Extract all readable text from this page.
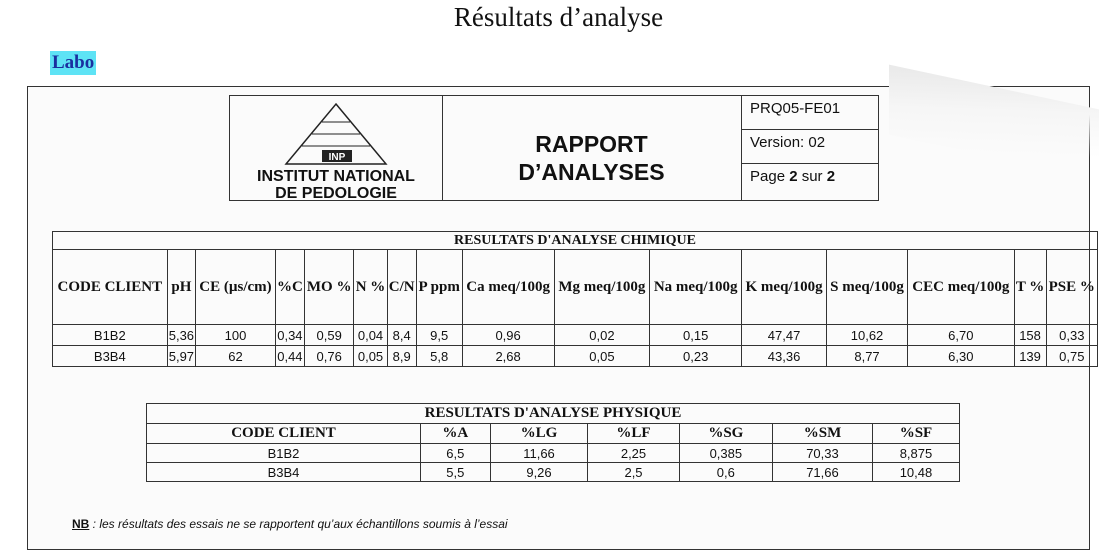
Résultats d’analyse
Labo
INP
INSTITUT NATIONAL
DE PEDOLOGIE
RAPPORT
D’ANALYSES
PRQ05-FE01
Version: 02
Page 2 sur 2
RESULTATS D'ANALYSE CHIMIQUE															
CODE CLIENT	pH	CE (µs/cm)	%C	MO %	N %	C/N	P ppm	Ca meq/100g	Mg meq/100g	Na meq/100g	K meq/100g	S meq/100g	CEC meq/100g	T %	PSE %
B1B2	5,36	100	0,34	0,59	0,04	8,4	9,5	0,96	0,02	0,15	47,47	10,62	6,70	158	0,33
B3B4	5,97	62	0,44	0,76	0,05	8,9	5,8	2,68	0,05	0,23	43,36	8,77	6,30	139	0,75
RESULTATS D'ANALYSE PHYSIQUE						
CODE CLIENT	%A	%LG	%LF	%SG	%SM	%SF
B1B2	6,5	11,66	2,25	0,385	70,33	8,875
B3B4	5,5	9,26	2,5	0,6	71,66	10,48
NB : les résultats des essais ne se rapportent qu’aux échantillons soumis à l’essai
